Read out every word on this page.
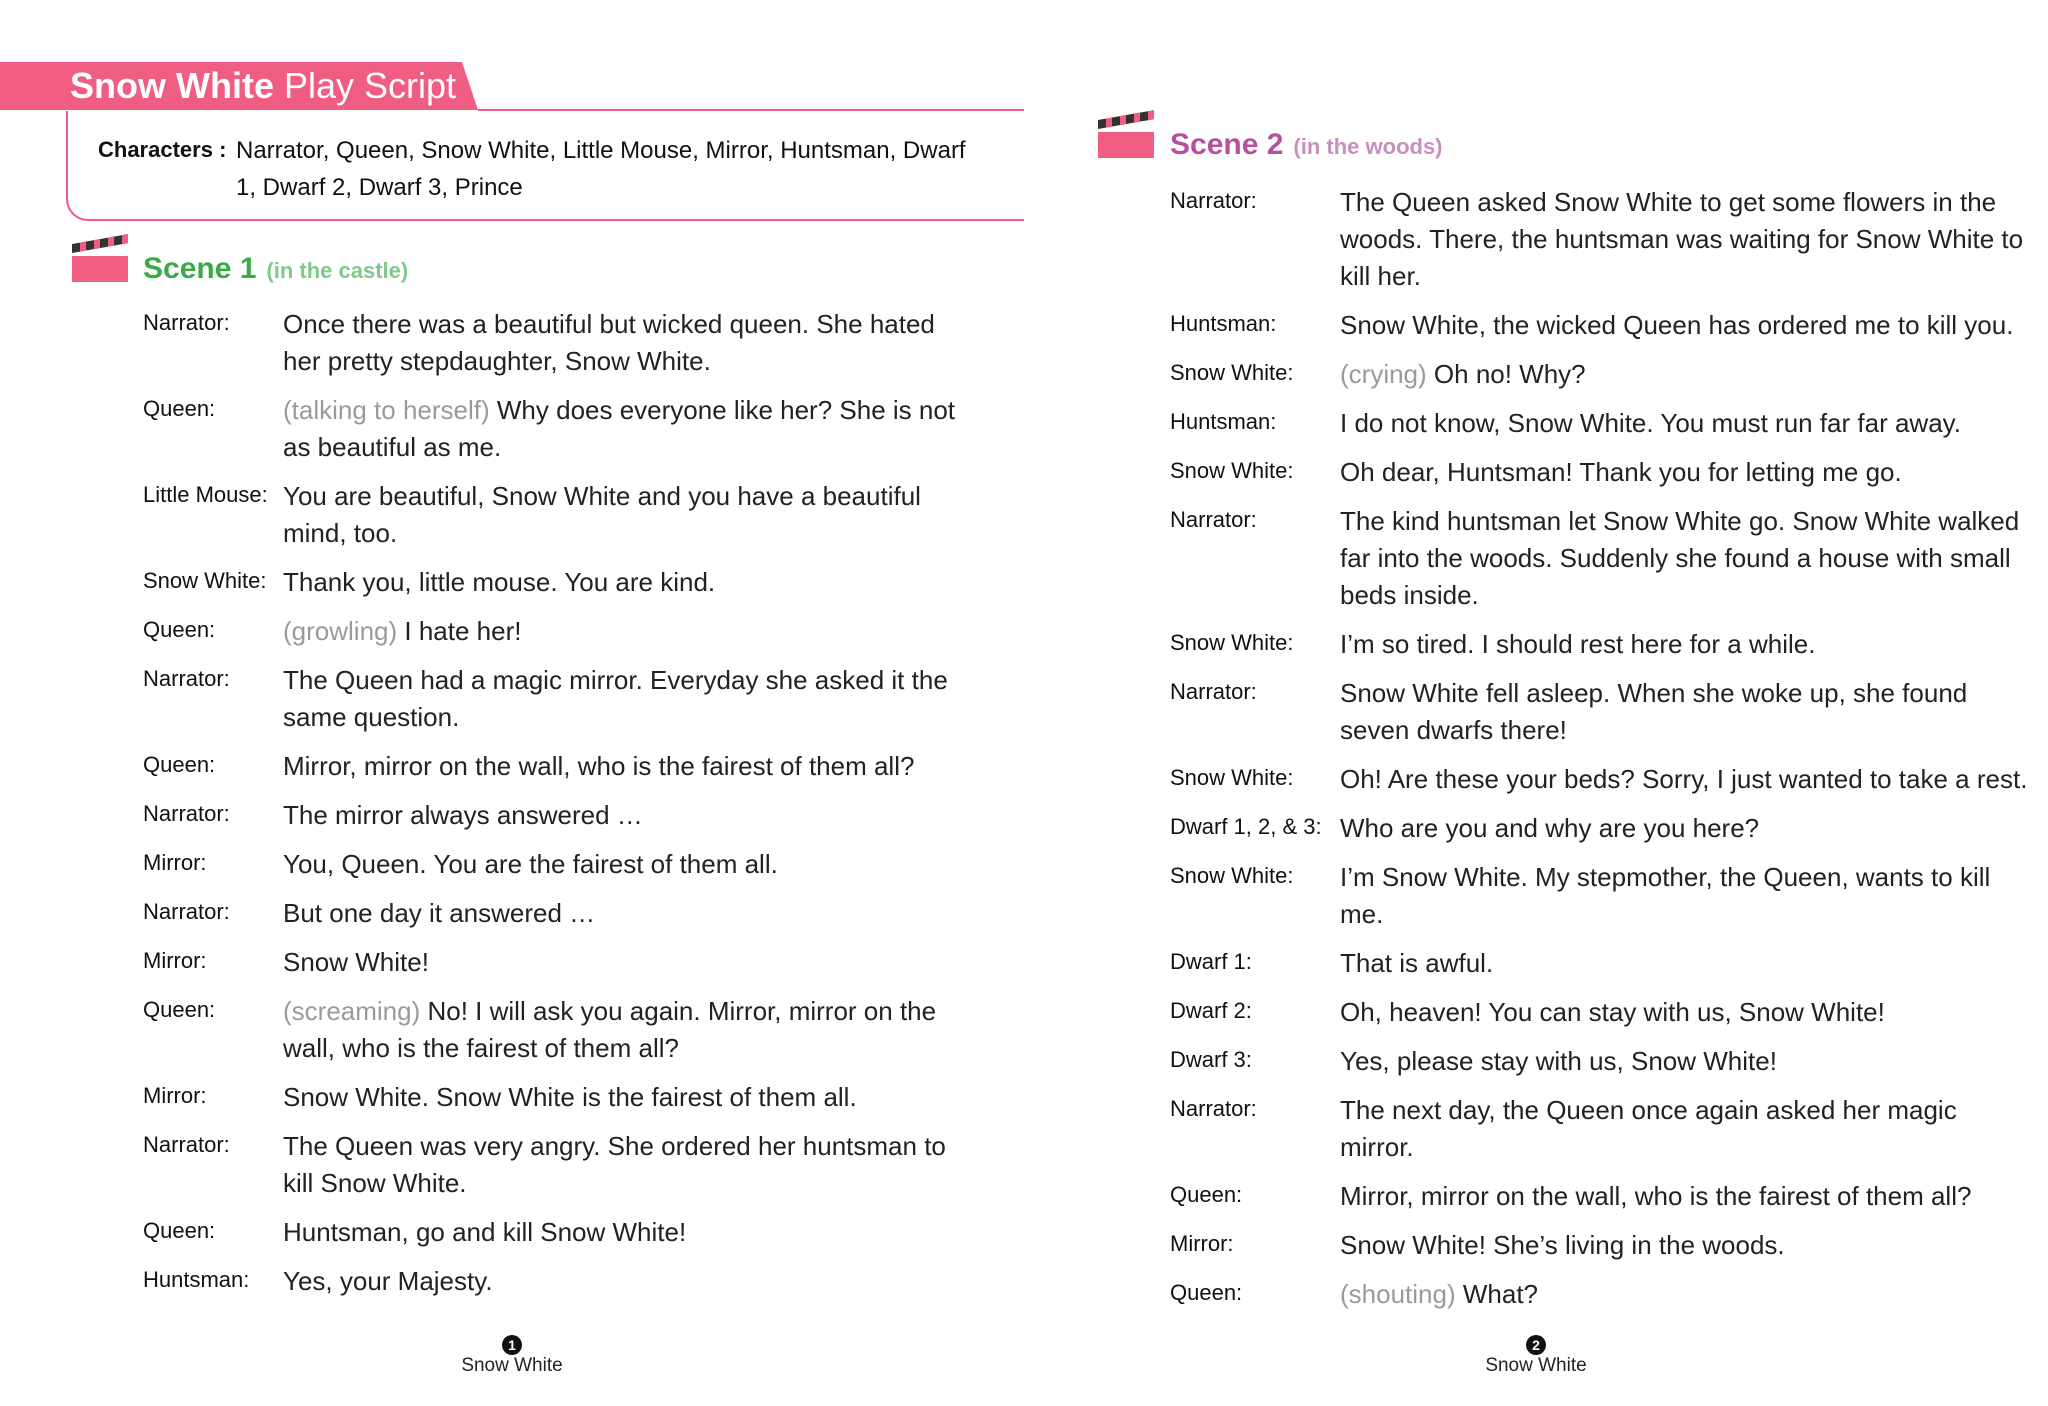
Snow White Play Script
Characters : Narrator, Queen, Snow White, Little Mouse, Mirror, Huntsman, Dwarf 1, Dwarf 2, Dwarf 3, Prince
Scene 1 (in the castle)
Narrator: Once there was a beautiful but wicked queen. She hated her pretty stepdaughter, Snow White.
Queen:	(talking to herself) Why does everyone like her? She is not as beautiful as me.
Little Mouse: You are beautiful, Snow White and you have a beautiful mind, too.
Snow White: Thank you, little mouse. You are kind.
Queen:	(growling) I hate her!
Narrator: The Queen had a magic mirror. Everyday she asked it the same question.
Queen:	Mirror, mirror on the wall, who is the fairest of them all?
Narrator: The mirror always answered …
Mirror:	You, Queen. You are the fairest of them all.
Narrator: But one day it answered …
Mirror:	Snow White!
Queen:	(screaming) No! I will ask you again. Mirror, mirror on the wall, who is the fairest of them all?
Mirror:	Snow White. Snow White is the fairest of them all.
Narrator: The Queen was very angry. She ordered her huntsman to kill Snow White.
Queen:	Huntsman, go and kill Snow White!
Huntsman: Yes, your Majesty.
1
Snow White
Scene 2 (in the woods)
Narrator:	The Queen asked Snow White to get some flowers in the woods. There, the huntsman was waiting for Snow White to kill her.
Huntsman: Snow White, the wicked Queen has ordered me to kill you.
Snow White: (crying) Oh no! Why?
Huntsman: I do not know, Snow White. You must run far far away.
Snow White: Oh dear, Huntsman! Thank you for letting me go.
Narrator:	The kind huntsman let Snow White go. Snow White walked far into the woods. Suddenly she found a house with small beds inside.
Snow White: I’m so tired. I should rest here for a while.
Narrator:	Snow White fell asleep. When she woke up, she found seven dwarfs there!
Snow White: Oh! Are these your beds? Sorry, I just wanted to take a rest.
Dwarf 1, 2, & 3: Who are you and why are you here?
Snow White: I’m Snow White. My stepmother, the Queen, wants to kill me.
Dwarf 1:	That is awful.
Dwarf 2:	Oh, heaven! You can stay with us, Snow White!
Dwarf 3:	Yes, please stay with us, Snow White!
Narrator:	The next day, the Queen once again asked her magic mirror.
Queen:	Mirror, mirror on the wall, who is the fairest of them all?
Mirror:	Snow White! She’s living in the woods.
Queen:	(shouting) What?
2
Snow White
